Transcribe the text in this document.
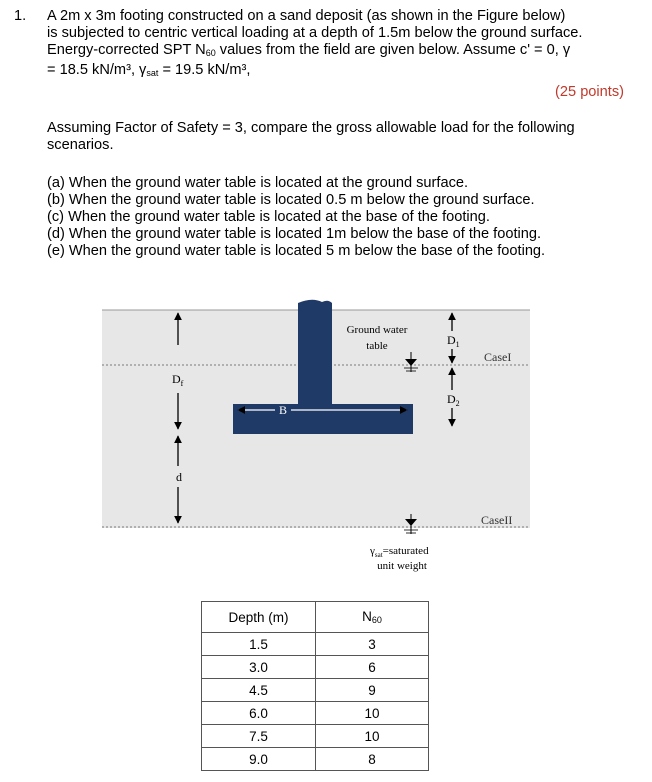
1. A 2m x 3m footing constructed on a sand deposit (as shown in the Figure below)
is subjected to centric vertical loading at a depth of 1.5m below the ground surface.
Energy-corrected SPT $N_{60}$ values from the field are given below. Assume c' = 0, γ
= 18.5 kN/m³, $\gamma_{sat} = 19.5$ kN/m³,
(25 points)
Assuming Factor of Safety = 3, compare the gross allowable load for the following
scenarios.
(a) When the ground water table is located at the ground surface.
(b) When the ground water table is located 0.5 m below the ground surface.
(c) When the ground water table is located at the base of the footing.
(d) When the ground water table is located 1m below the base of the footing.
(e) When the ground water table is located 5 m below the base of the footing.
B
$D_f$
d
Ground water
table	$D_1$
$D_2$
CaseI
CaseII
$\gamma_{sat}=saturated$
unit weight
Depth (m)	$N_{60}$
1.5	3
3.0	6
4.5	9
6.0	10
7.5	10
9.0	8
